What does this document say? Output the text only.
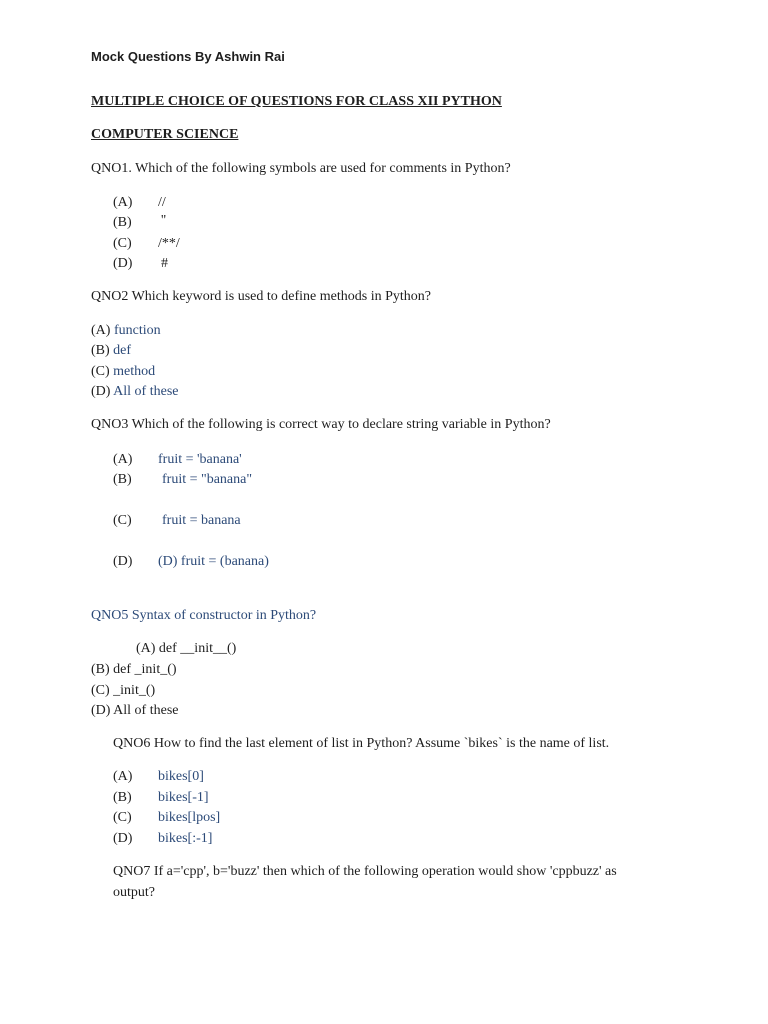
Mock Questions By Ashwin Rai
MULTIPLE CHOICE OF QUESTIONS FOR CLASS XII PYTHON
COMPUTER SCIENCE
QNO1. Which of the following symbols are used for comments in Python?
(A) //
(B) ''
(C) /**/
(D) #
QNO2 Which keyword is used to define methods in Python?
(A) function
(B) def
(C) method
(D) All of these
QNO3 Which of the following is correct way to declare string variable in Python?
(A) fruit = 'banana'
(B) fruit = "banana"
(C) fruit = banana
(D) (D) fruit = (banana)
QNO5 Syntax of constructor in Python?
(A) def __init__()
(B) def _init_()
(C) _init_()
(D) All of these
QNO6 How to find the last element of list in Python? Assume `bikes` is the name of list.
(A) bikes[0]
(B) bikes[-1]
(C) bikes[lpos]
(D) bikes[:-1]
QNO7 If a='cpp', b='buzz' then which of the following operation would show 'cppbuzz' as
output?
